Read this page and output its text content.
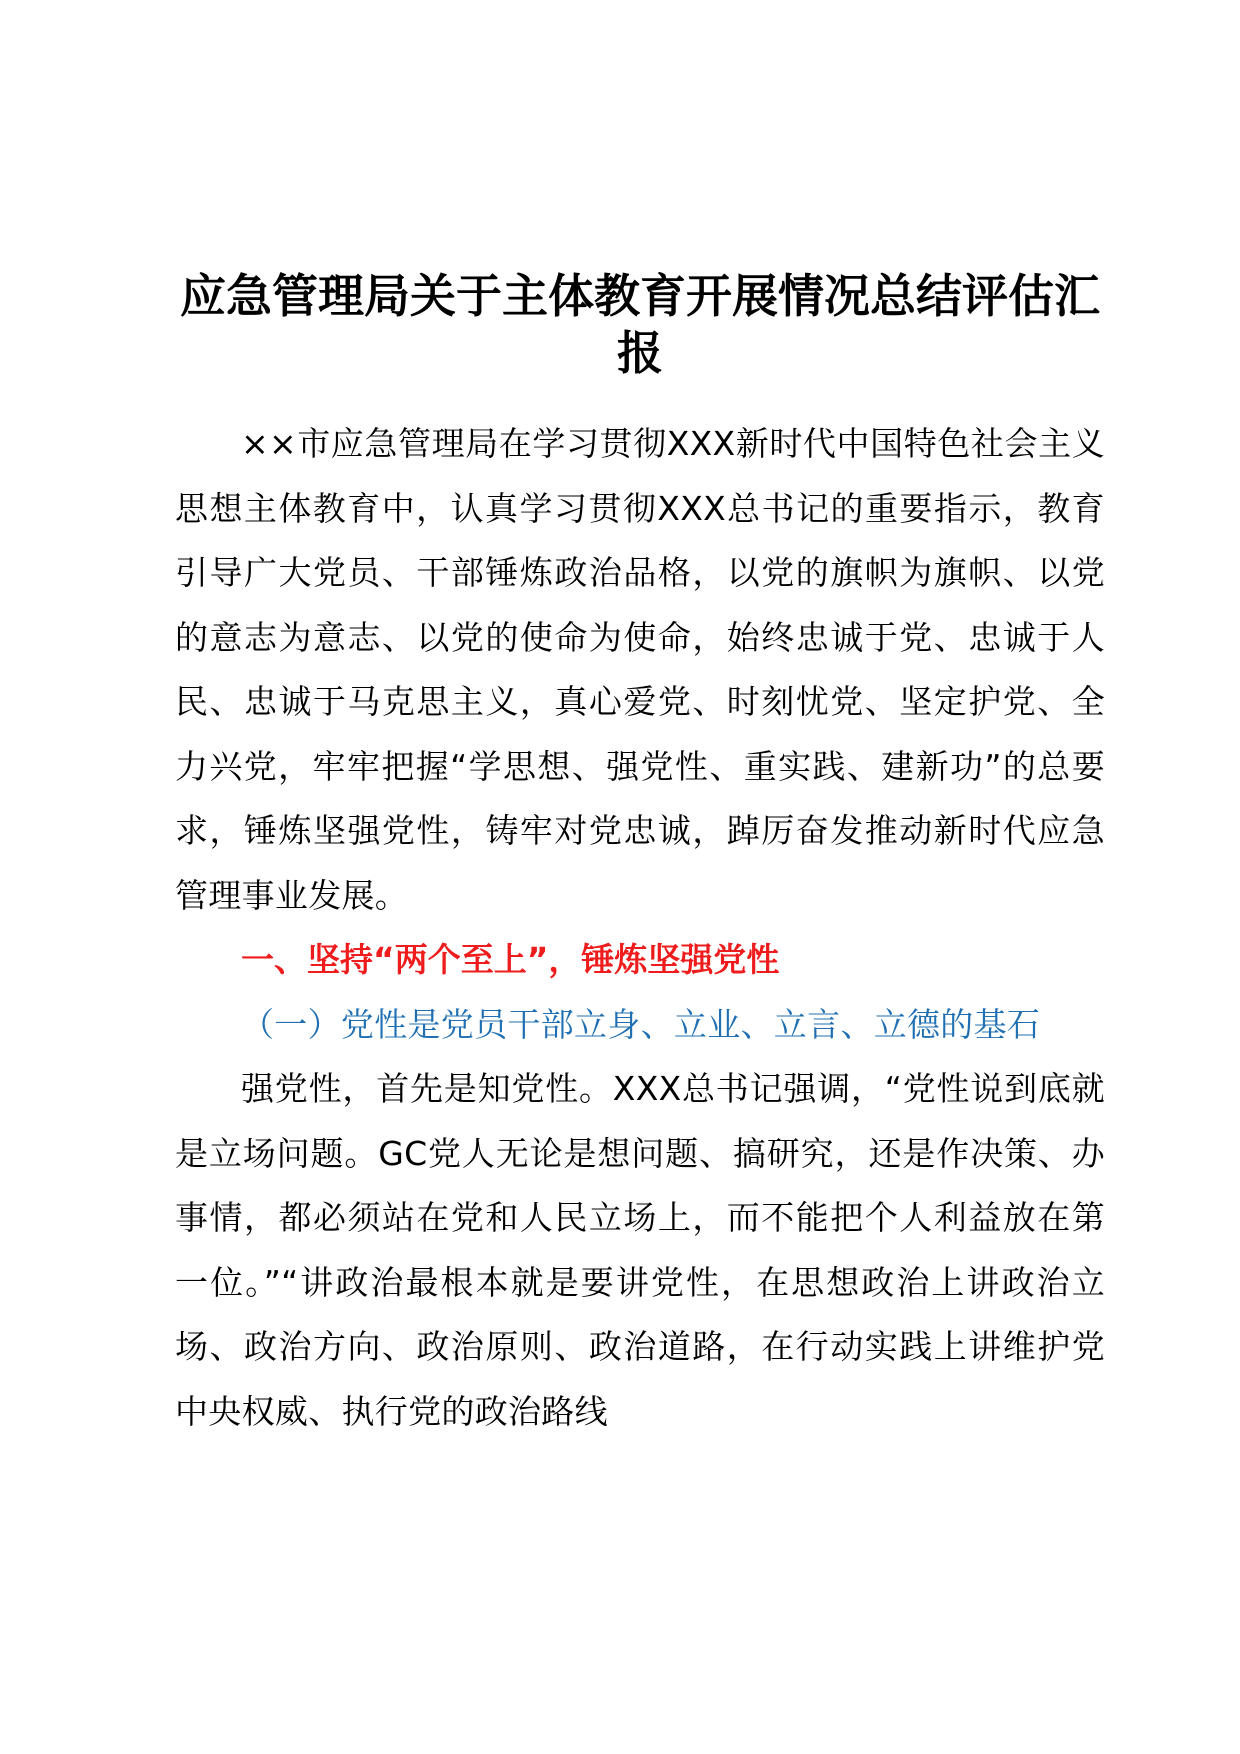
应急管理局关于主体教育开展情况总结评估汇报

××市应急管理局在学习贯彻XXX新时代中国特色社会主义思想主体教育中，认真学习贯彻XXX总书记的重要指示，教育引导广大党员、干部锤炼政治品格，以党的旗帜为旗帜、以党的意志为意志、以党的使命为使命，始终忠诚于党、忠诚于人民、忠诚于马克思主义，真心爱党、时刻忧党、坚定护党、全力兴党，牢牢把握“学思想、强党性、重实践、建新功”的总要求，锤炼坚强党性，铸牢对党忠诚，踔厉奋发推动新时代应急管理事业发展。

一、坚持“两个至上”，锤炼坚强党性

（一）党性是党员干部立身、立业、立言、立德的基石

强党性，首先是知党性。XXX总书记强调，“党性说到底就是立场问题。GC党人无论是想问题、搞研究，还是作决策、办事情，都必须站在党和人民立场上，而不能把个人利益放在第一位。”“讲政治最根本就是要讲党性，在思想政治上讲政治立场、政治方向、政治原则、政治道路，在行动实践上讲维护党中央权威、执行党的政治路线
